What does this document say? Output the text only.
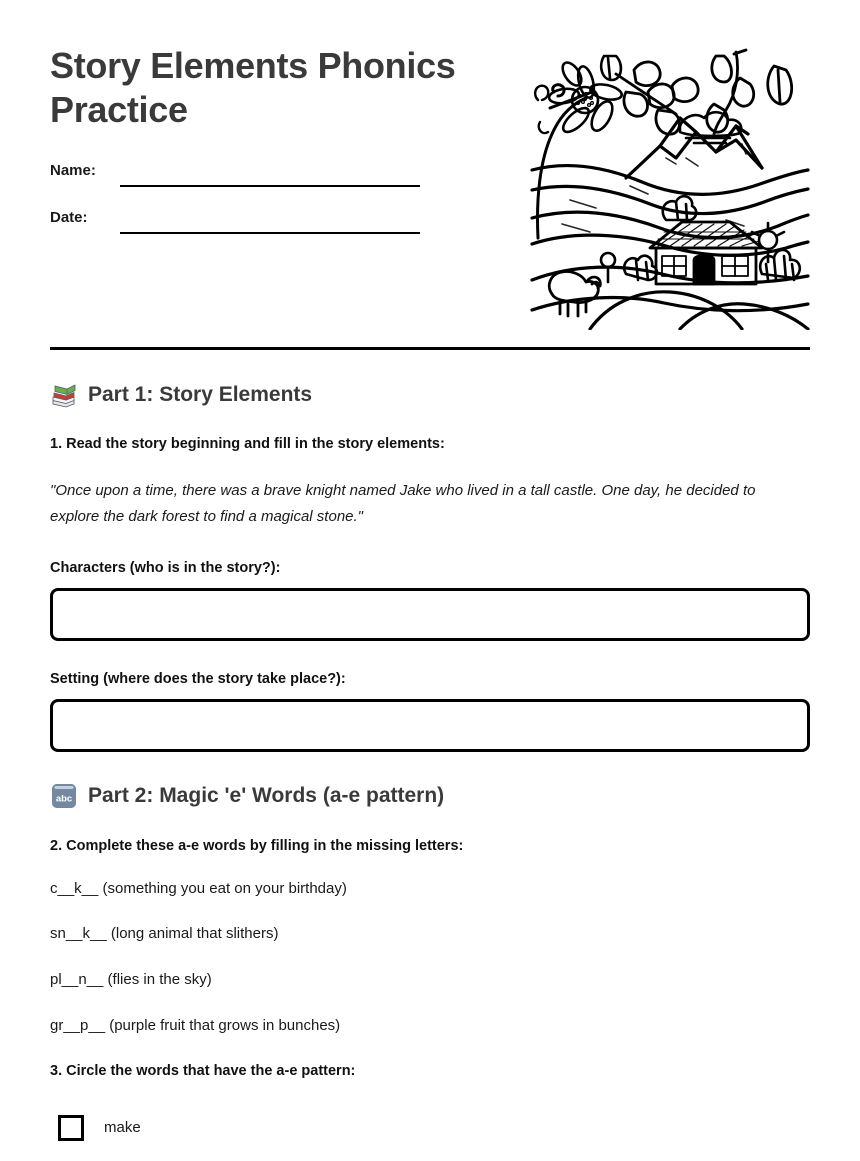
Story Elements Phonics Practice
Name:
Date:
Part 1: Story Elements

1. Read the story beginning and fill in the story elements:

"Once upon a time, there was a brave knight named Jake who lived in a tall castle. One day, he decided to explore the dark forest to find a magical stone."

Characters (who is in the story?):

Setting (where does the story take place?):

abc Part 2: Magic 'e' Words (a-e pattern)

2. Complete these a-e words by filling in the missing letters:

c__k__ (something you eat on your birthday)

sn__k__ (long animal that slithers)

pl__n__ (flies in the sky)

gr__p__ (purple fruit that grows in bunches)

3. Circle the words that have the a-e pattern:

make
